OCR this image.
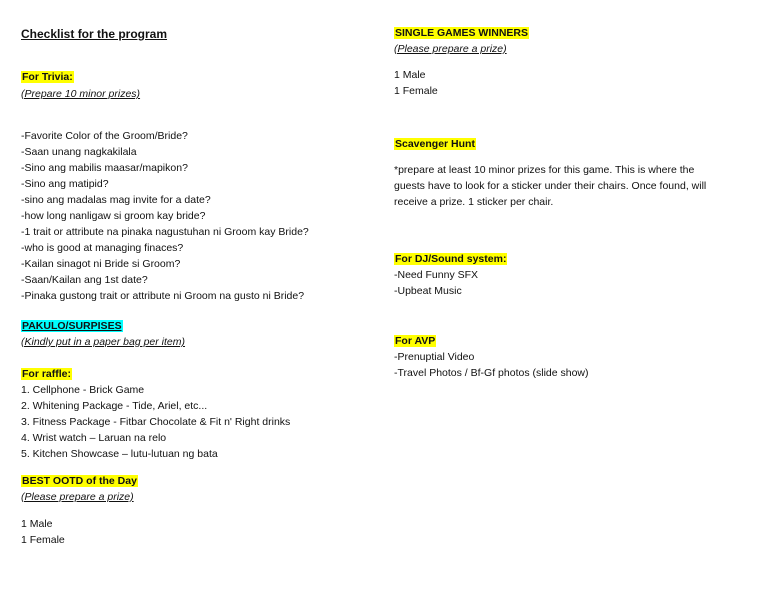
Checklist for the program
For Trivia:
(Prepare 10 minor prizes)
-Favorite Color of the Groom/Bride?
-Saan unang nagkakilala
-Sino ang mabilis maasar/mapikon?
-Sino ang matipid?
-sino ang madalas mag invite for a date?
-how long nanligaw si groom kay bride?
-1 trait or attribute na pinaka nagustuhan ni Groom kay Bride?
-who is good at managing finaces?
-Kailan sinagot ni Bride si Groom?
-Saan/Kailan ang 1st date?
-Pinaka gustong trait or attribute ni Groom na gusto ni Bride?
PAKULO/SURPISES
(Kindly put in a paper bag per item)
For raffle:
1. Cellphone - Brick Game
2. Whitening Package - Tide, Ariel, etc...
3. Fitness Package - Fitbar Chocolate & Fit n' Right drinks
4. Wrist watch – Laruan na relo
5. Kitchen Showcase – lutu-lutuan ng bata
BEST OOTD of the Day
(Please prepare a prize)
1 Male
1 Female
SINGLE GAMES WINNERS
(Please prepare a prize)
1 Male
1 Female
Scavenger Hunt
*prepare at least 10 minor prizes for this game. This is where the
guests have to look for a sticker under their chairs. Once found, will
receive a prize. 1 sticker per chair.
For DJ/Sound system:
-Need Funny SFX
-Upbeat Music
For AVP
-Prenuptial Video
-Travel Photos / Bf-Gf photos (slide show)
